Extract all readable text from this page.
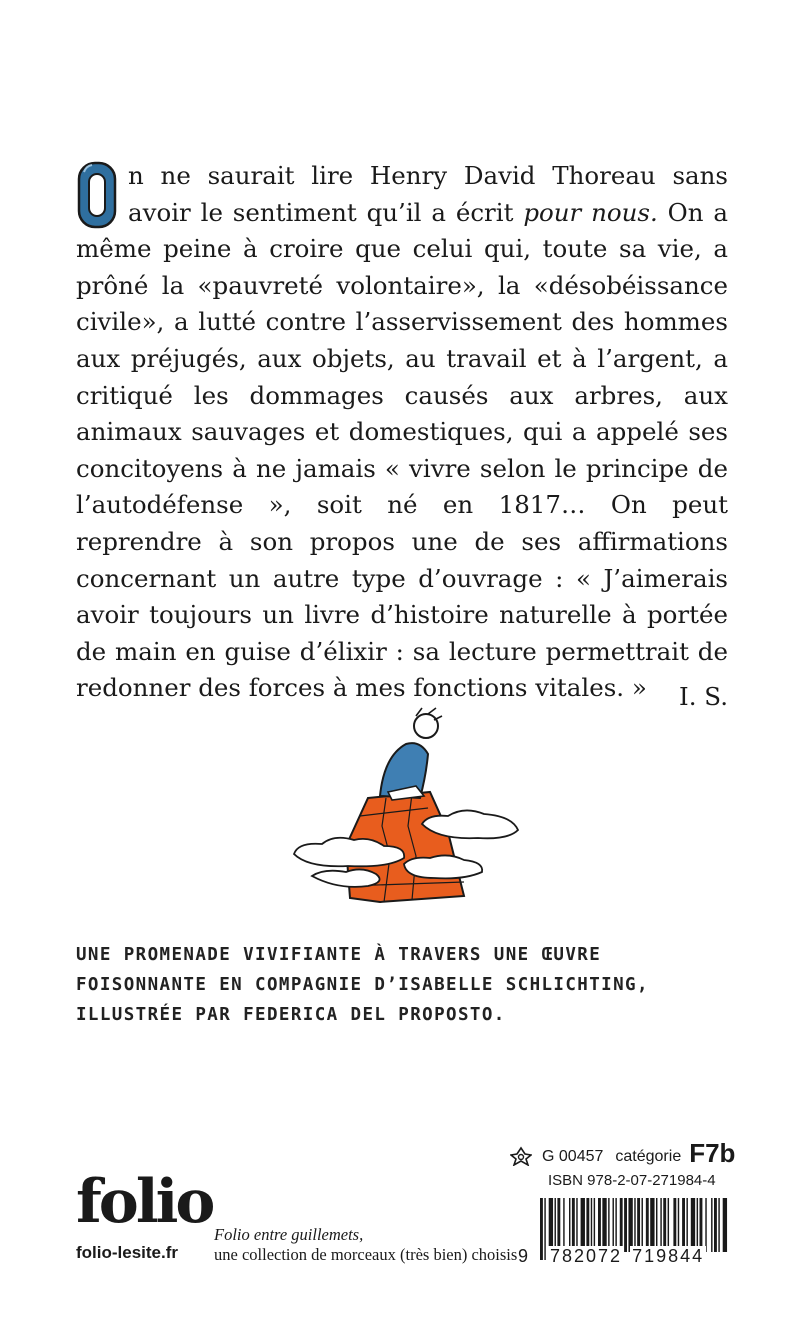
O
n ne saurait lire Henry David Thoreau sans avoir le sentiment qu’il a écrit pour nous. On a même peine à croire que celui qui, toute sa vie, a prôné la «pauvreté volontaire», la «désobéissance civile», a lutté contre l’asservissement des hommes aux préjugés, aux objets, au travail et à l’argent, a critiqué les dommages causés aux arbres, aux animaux sauvages et domestiques, qui a appelé ses concitoyens à ne jamais « vivre selon le principe de l’autodéfense », soit né en 1817… On peut reprendre à son propos une de ses affirmations concernant un autre type d’ouvrage : « J’aimerais avoir toujours un livre d’histoire naturelle à portée de main en guise d’élixir : sa lecture permettrait de redonner des forces à mes fonctions vitales. »	I. S.
UNE PROMENADE VIVIFIANTE À TRAVERS UNE ŒUVRE FOISONNANTE EN COMPAGNIE D’ISABELLE SCHLICHTING, ILLUSTRÉE PAR FEDERICA DEL PROPOSTO.
folio
folio-lesite.fr
Folio entre guillemets,
une collection de morceaux (très bien) choisis
G 00457 catégorie F7b
ISBN 978-2-07-271984-4
9	782072 719844
